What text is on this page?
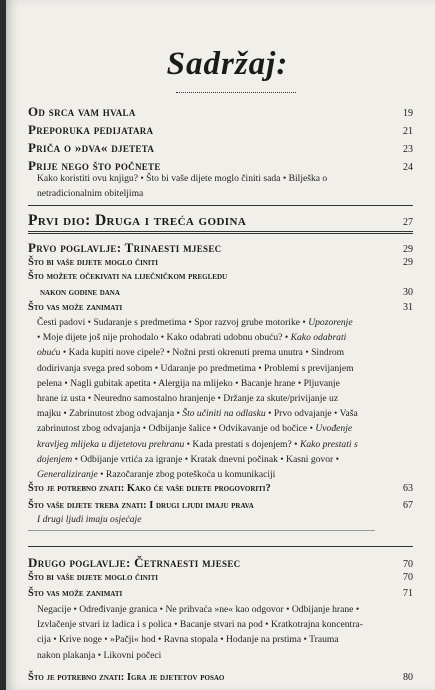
Sadržaj:
Od srca vam hvala	19
Preporuka pedijatara	21
Priča o »dva« djeteta	23
Prije nego što počnete	24
Kako koristiti ovu knjigu? • Što bi vaše dijete moglo činiti sada • Bilješka o
netradicionalnim obiteljima
Prvi dio: Druga i treća godina	27
Prvo poglavlje: Trinaesti mjesec	29
Što bi vaše dijete moglo činiti	29
Što možete očekivati na liječničkom pregledu
nakon godine dana	30
Što vas može zanimati	31
Česti padovi • Sudaranje s predmetima • Spor razvoj grube motorike • Upozorenje
• Moje dijete još nije prohodalo • Kako odabrati udobnu obuću? • Kako odabrati
obuću • Kada kupiti nove cipele? • Nožni prsti okrenuti prema unutra • Sindrom
dodirivanja svega pred sobom • Udaranje po predmetima • Problemi s previjanjem
pelena • Nagli gubitak apetita • Alergija na mlijeko • Bacanje hrane • Pljuvanje
hrane iz usta • Neuredno samostalno hranjenje • Držanje za skute/privijanje uz
majku • Zabrinutost zbog odvajanja • Što učiniti na odlasku • Prvo odvajanje • Vaša
zabrinutost zbog odvajanja • Odbijanje šalice • Odvikavanje od bočice • Uvođenje
kravljeg mlijeka u dijetetovu prehranu • Kada prestati s dojenjem? • Kako prestati s
dojenjem • Odbijanje vrtića za igranje • Kratak dnevni počinak • Kasni govor •
Generaliziranje • Razočaranje zbog poteškoća u komunikaciji
Što je potrebno znati: Kako će vaše dijete progovoriti?	63
Što vaše dijete treba znati: I drugi ljudi imaju prava	67
I drugi ljudi imaju osjećaje
Drugo poglavlje: Četrnaesti mjesec	70
Što bi vaše dijete moglo činiti	70
Što vas može zanimati	71
Negacije • Određivanje granica • Ne prihvaća »ne« kao odgovor • Odbijanje hrane •
Izvlačenje stvari iz ladica i s polica • Bacanje stvari na pod • Kratkotrajna koncentra-
cija • Krive noge • »Pačji« hod • Ravna stopala • Hodanje na prstima • Trauma
nakon plakanja • Likovni počeci
Što je potrebno znati: Igra je djetetov posao	80
